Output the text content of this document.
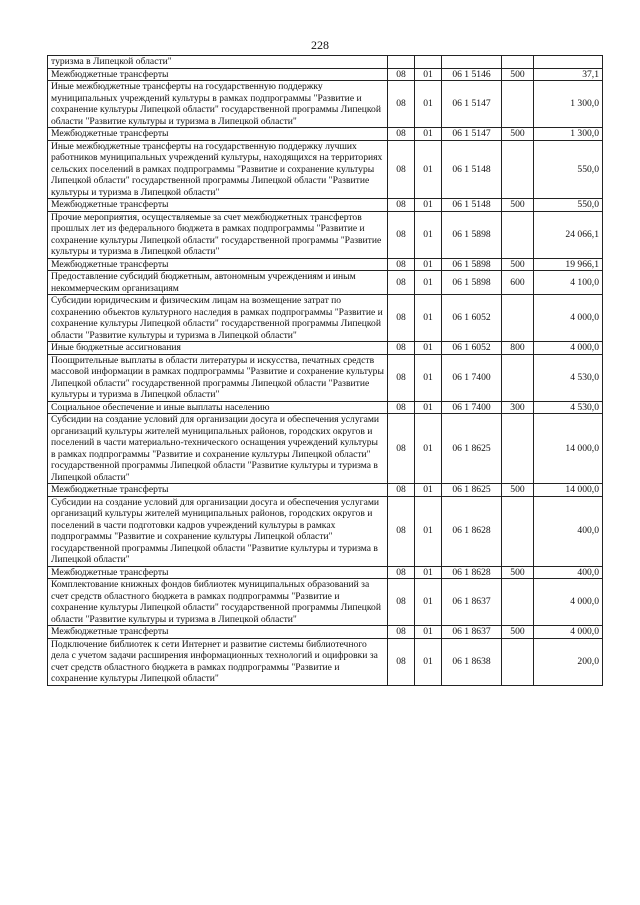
228
туризма в Липецкой области"					
Межбюджетные трансферты	08	01	06 1 5146	500	37,1
Иные межбюджетные трансферты на государственную поддержку муниципальных учреждений культуры в рамках подпрограммы "Развитие и сохранение культуры Липецкой области" государственной программы Липецкой области "Развитие культуры и туризма в Липецкой области"	08	01	06 1 5147		1 300,0
Межбюджетные трансферты	08	01	06 1 5147	500	1 300,0
Иные межбюджетные трансферты на государственную поддержку лучших работников муниципальных учреждений культуры, находящихся на территориях сельских поселений в рамках подпрограммы "Развитие и сохранение культуры Липецкой области" государственной программы Липецкой области "Развитие культуры и туризма в Липецкой области"	08	01	06 1 5148		550,0
Межбюджетные трансферты	08	01	06 1 5148	500	550,0
Прочие мероприятия, осуществляемые за счет межбюджетных трансфертов прошлых лет из федерального бюджета в рамках подпрограммы "Развитие и сохранение культуры Липецкой области" государственной программы "Развитие культуры и туризма в Липецкой области"	08	01	06 1 5898		24 066,1
Межбюджетные трансферты	08	01	06 1 5898	500	19 966,1
Предоставление субсидий бюджетным, автономным учреждениям и иным некоммерческим организациям	08	01	06 1 5898	600	4 100,0
Субсидии юридическим и физическим лицам на возмещение затрат по сохранению объектов культурного наследия в рамках подпрограммы "Развитие и сохранение культуры Липецкой области" государственной программы Липецкой области "Развитие культуры и туризма в Липецкой области"	08	01	06 1 6052		4 000,0
Иные бюджетные ассигнования	08	01	06 1 6052	800	4 000,0
Поощрительные выплаты в области литературы и искусства, печатных средств массовой информации в рамках подпрограммы "Развитие и сохранение культуры Липецкой области" государственной программы Липецкой области "Развитие культуры и туризма в Липецкой области"	08	01	06 1 7400		4 530,0
Социальное обеспечение и иные выплаты населению	08	01	06 1 7400	300	4 530,0
Субсидии на создание условий для организации досуга и обеспечения услугами организаций культуры жителей муниципальных районов, городских округов и поселений в части материально-технического оснащения учреждений культуры в рамках подпрограммы "Развитие и сохранение культуры Липецкой области" государственной программы Липецкой области "Развитие культуры и туризма в Липецкой области"	08	01	06 1 8625		14 000,0
Межбюджетные трансферты	08	01	06 1 8625	500	14 000,0
Субсидии на создание условий для организации досуга и обеспечения услугами организаций культуры жителей муниципальных районов, городских округов и поселений в части подготовки кадров учреждений культуры в рамках подпрограммы "Развитие и сохранение культуры Липецкой области" государственной программы Липецкой области "Развитие культуры и туризма в Липецкой области"	08	01	06 1 8628		400,0
Межбюджетные трансферты	08	01	06 1 8628	500	400,0
Комплектование книжных фондов библиотек муниципальных образований за счет средств областного бюджета в рамках подпрограммы "Развитие и сохранение культуры Липецкой области" государственной программы Липецкой области "Развитие культуры и туризма в Липецкой области"	08	01	06 1 8637		4 000,0
Межбюджетные трансферты	08	01	06 1 8637	500	4 000,0
Подключение библиотек к сети Интернет и развитие системы библиотечного дела с учетом задачи расширения информационных технологий и оцифровки за счет средств областного бюджета в рамках подпрограммы "Развитие и сохранение культуры Липецкой области"	08	01	06 1 8638		200,0
